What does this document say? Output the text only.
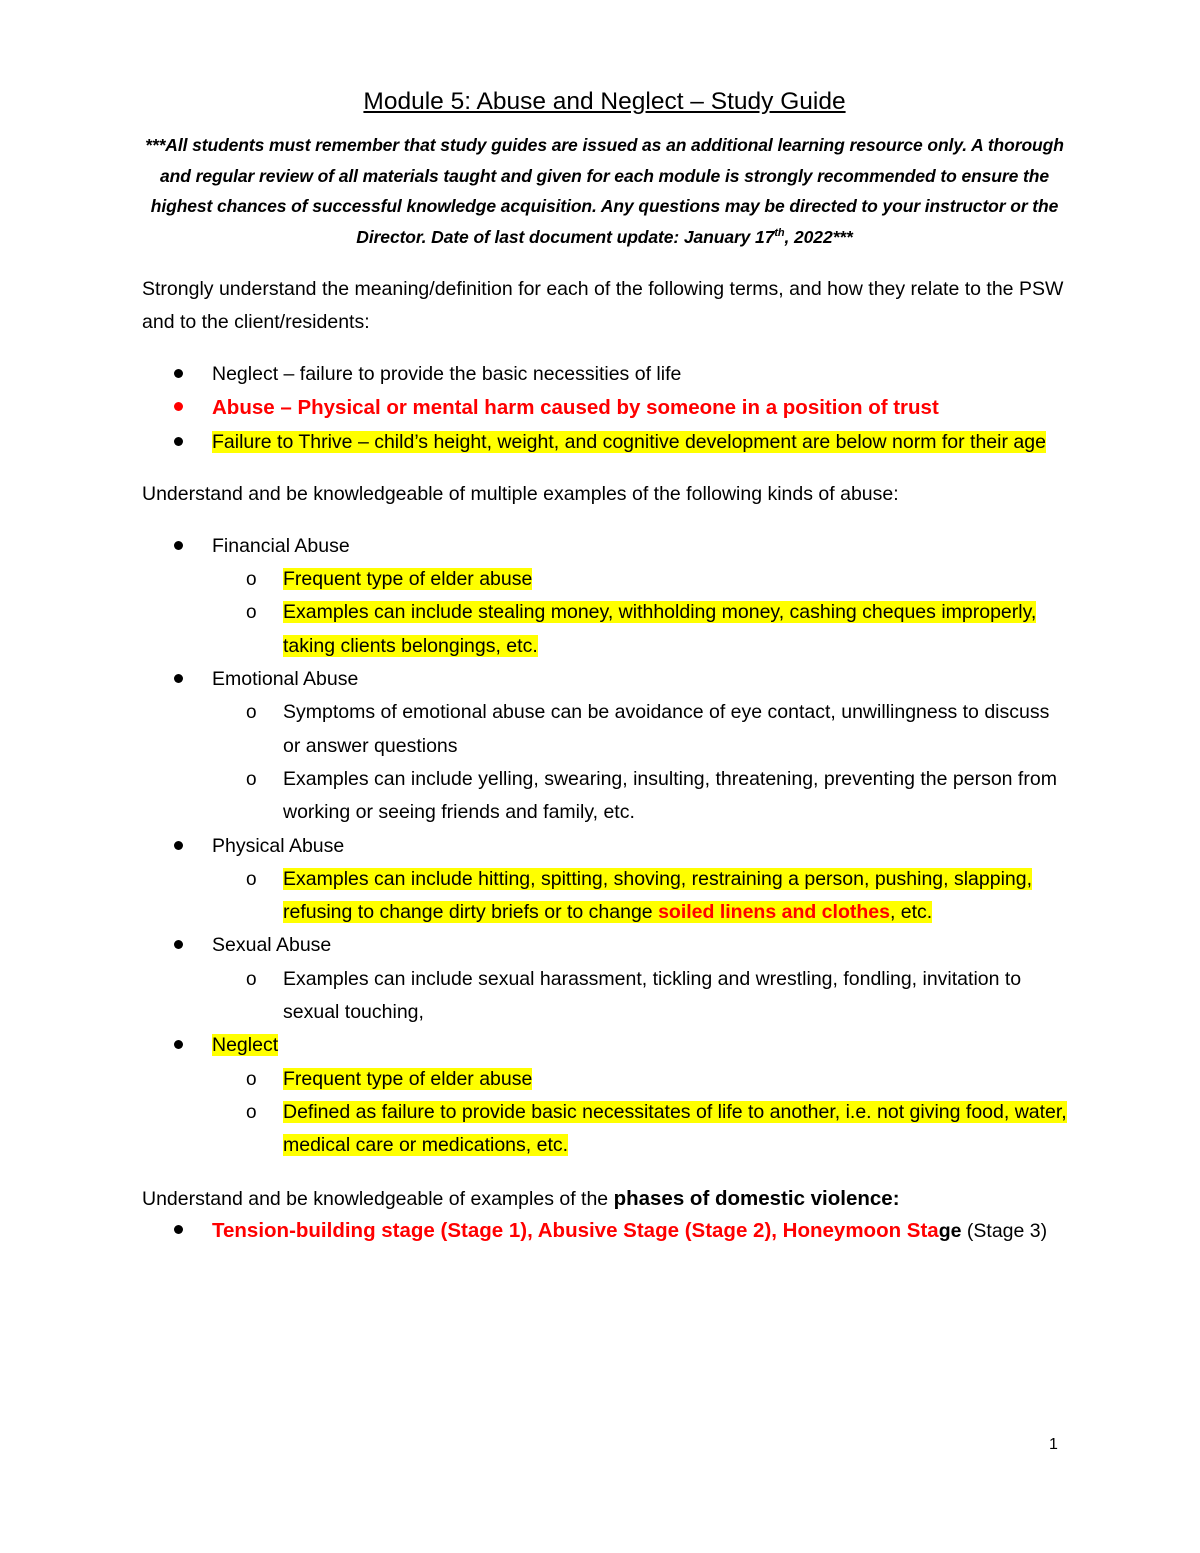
Module 5: Abuse and Neglect – Study Guide
***All students must remember that study guides are issued as an additional learning resource only. A thorough and regular review of all materials taught and given for each module is strongly recommended to ensure the highest chances of successful knowledge acquisition. Any questions may be directed to your instructor or the Director. Date of last document update: January 17th, 2022***

Strongly understand the meaning/definition for each of the following terms, and how they relate to the PSW and to the client/residents:

Neglect – failure to provide the basic necessities of life
Abuse – Physical or mental harm caused by someone in a position of trust
Failure to Thrive – child’s height, weight, and cognitive development are below norm for their age

Understand and be knowledgeable of multiple examples of the following kinds of abuse:

Financial Abuse
o Frequent type of elder abuse
o Examples can include stealing money, withholding money, cashing cheques improperly, taking clients belongings, etc.
Emotional Abuse
o Symptoms of emotional abuse can be avoidance of eye contact, unwillingness to discuss or answer questions
o Examples can include yelling, swearing, insulting, threatening, preventing the person from working or seeing friends and family, etc.
Physical Abuse
o Examples can include hitting, spitting, shoving, restraining a person, pushing, slapping, refusing to change dirty briefs or to change soiled linens and clothes, etc.
Sexual Abuse
o Examples can include sexual harassment, tickling and wrestling, fondling, invitation to sexual touching,
Neglect
o Frequent type of elder abuse
o Defined as failure to provide basic necessitates of life to another, i.e. not giving food, water, medical care or medications, etc.

Understand and be knowledgeable of examples of the phases of domestic violence:

Tension-building stage (Stage 1), Abusive Stage (Stage 2), Honeymoon Stage (Stage 3)
1
